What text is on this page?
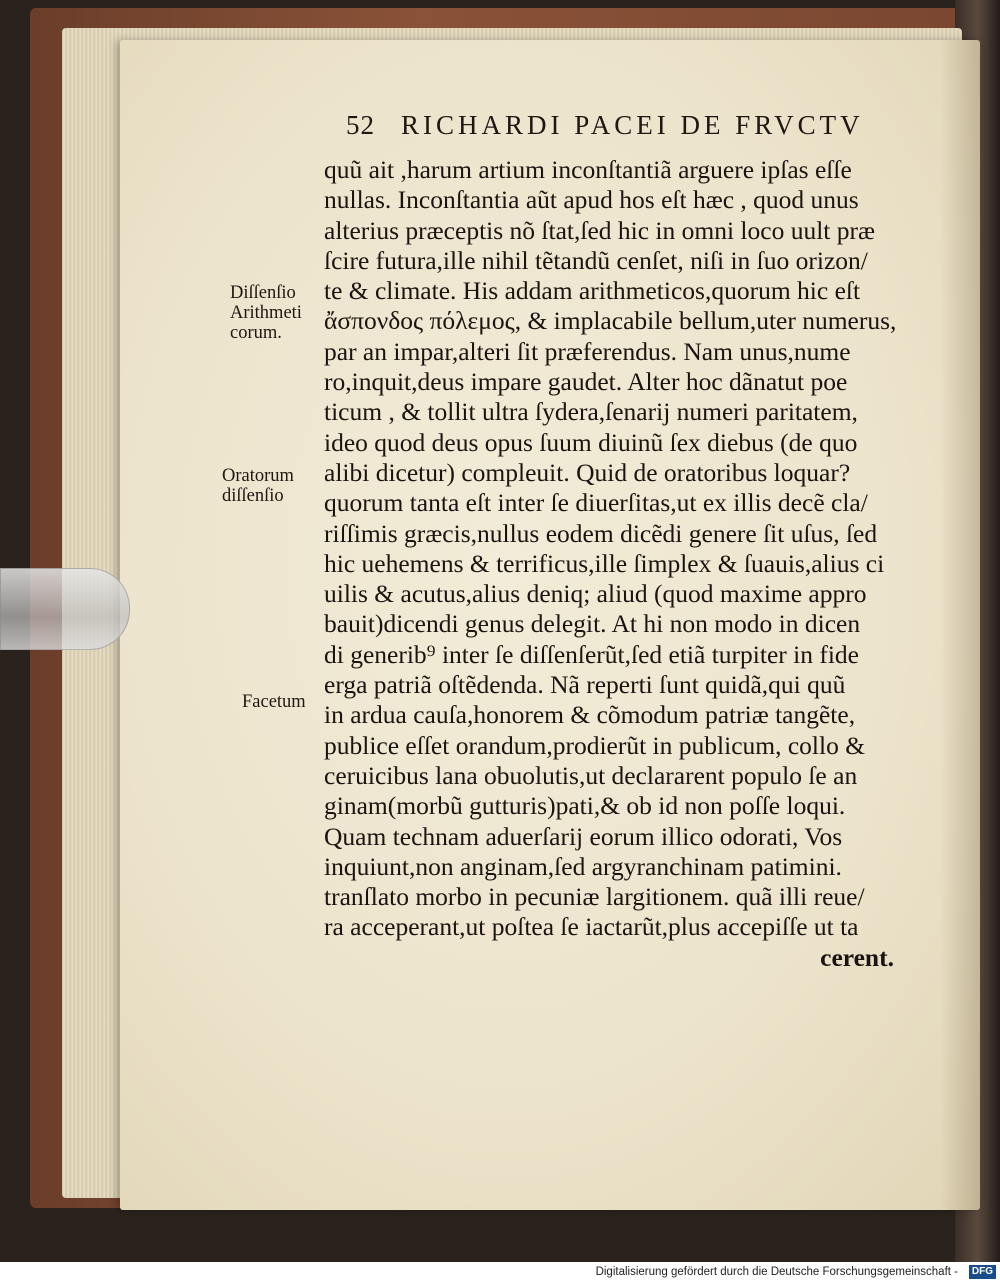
52 RICHARDI PACEI DE FRVCTV
Diſſenſio
Arithmeti
corum.
Oratorum
diſſenſio
Facetum
quũ ait ,harum artium inconſtantiã arguere ipſas eſſe
nullas. Inconſtantia aũt apud hos eſt hæc , quod unus
alterius præceptis nõ ſtat,ſed hic in omni loco uult præ
ſcire futura,ille nihil tẽtandũ cenſet, niſi in ſuo orizon/
te & climate. His addam arithmeticos,quorum hic eſt
ἄσπονδος πόλεμος, & implacabile bellum,uter numerus,
par an impar,alteri ſit præferendus. Nam unus,nume
ro,inquit,deus impare gaudet. Alter hoc dãnatut poe
ticum , & tollit ultra ſydera,ſenarij numeri paritatem,
ideo quod deus opus ſuum diuinũ ſex diebus (de quo
alibi dicetur) compleuit. Quid de oratoribus loquar?
quorum tanta eſt inter ſe diuerſitas,ut ex illis decẽ cla/
riſſimis græcis,nullus eodem dicẽdi genere ſit uſus, ſed
hic uehemens & terrificus,ille ſimplex & ſuauis,alius ci
uilis & acutus,alius deniq; aliud (quod maxime appro
bauit)dicendi genus delegit. At hi non modo in dicen
di generib⁹ inter ſe diſſenſerũt,ſed etiã turpiter in fide
erga patriã oſtẽdenda. Nã reperti ſunt quidã,qui quũ
in ardua cauſa,honorem & cõmodum patriæ tangẽte,
publice eſſet orandum,prodierũt in publicum, collo &
ceruicibus lana obuolutis,ut declararent populo ſe an
ginam(morbũ gutturis)pati,& ob id non poſſe loqui.
Quam technam aduerſarij eorum illico odorati, Vos
inquiunt,non anginam,ſed argyranchinam patimini.
tranſlato morbo in pecuniæ largitionem. quã illi reue/
ra acceperant,ut poſtea ſe iactarũt,plus accepiſſe ut ta
cerent.
Digitalisierung gefördert durch die Deutsche Forschungsgemeinschaft -	DFG
